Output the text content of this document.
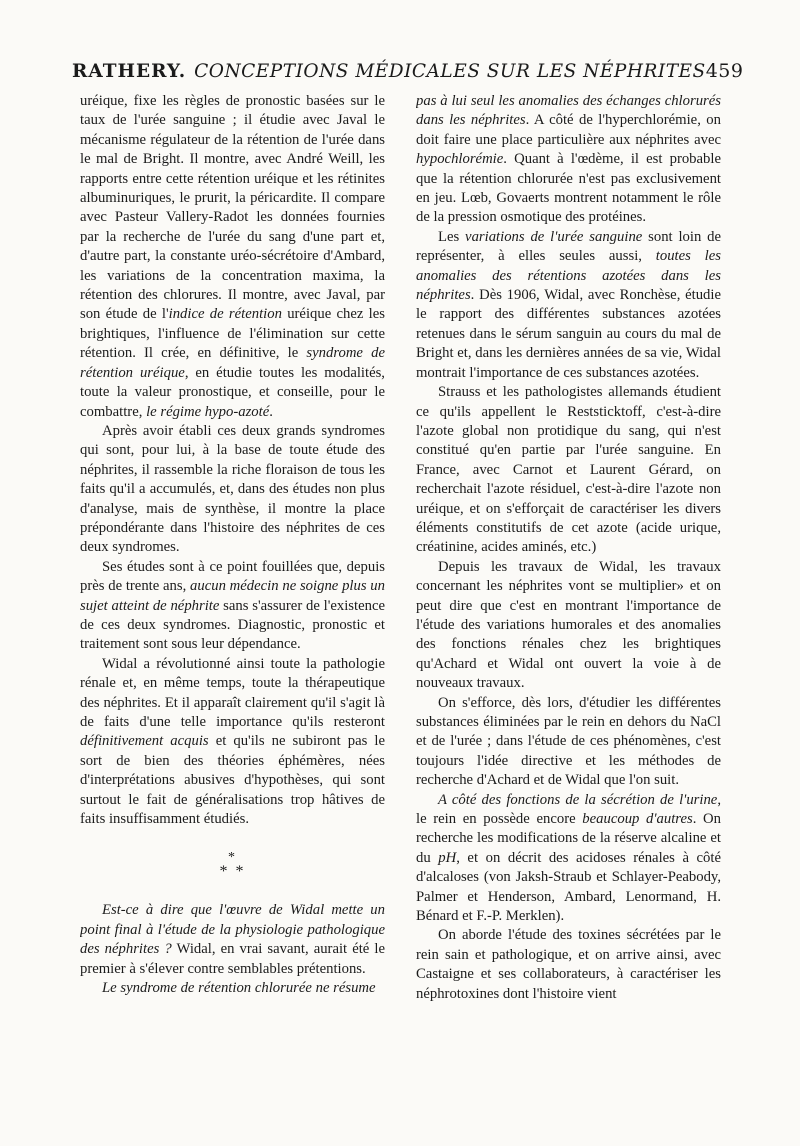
RATHERY. CONCEPTIONS MÉDICALES SUR LES NÉPHRITES 459

uréique, fixe les règles de pronostic basées sur le taux de l'urée sanguine ; il étudie avec Javal le mécanisme régulateur de la rétention de l'urée dans le mal de Bright. Il montre, avec André Weill, les rapports entre cette rétention uréique et les rétinites albuminuriques, le prurit, la péricardite. Il compare avec Pasteur Vallery-Radot les données fournies par la recherche de l'urée du sang d'une part et, d'autre part, la constante uréo-sécrétoire d'Ambard, les variations de la concentration maxima, la rétention des chlorures. Il montre, avec Javal, par son étude de l'indice de rétention uréique chez les brightiques, l'influence de l'élimination sur cette rétention. Il crée, en définitive, le syndrome de rétention uréique, en étudie toutes les modalités, toute la valeur pronostique, et conseille, pour le combattre, le régime hypo-azoté.

Après avoir établi ces deux grands syndromes qui sont, pour lui, à la base de toute étude des néphrites, il rassemble la riche floraison de tous les faits qu'il a accumulés, et, dans des études non plus d'analyse, mais de synthèse, il montre la place prépondérante dans l'histoire des néphrites de ces deux syndromes.

Ses études sont à ce point fouillées que, depuis près de trente ans, aucun médecin ne soigne plus un sujet atteint de néphrite sans s'assurer de l'existence de ces deux syndromes. Diagnostic, pronostic et traitement sont sous leur dépendance.

Widal a révolutionné ainsi toute la pathologie rénale et, en même temps, toute la thérapeutique des néphrites. Et il apparaît clairement qu'il s'agit là de faits d'une telle importance qu'ils resteront définitivement acquis et qu'ils ne subiront pas le sort de bien des théories éphémères, nées d'interprétations abusives d'hypothèses, qui sont surtout le fait de généralisations trop hâtives de faits insuffisamment étudiés.

*
* *

Est-ce à dire que l'œuvre de Widal mette un point final à l'étude de la physiologie pathologique des néphrites ? Widal, en vrai savant, aurait été le premier à s'élever contre semblables prétentions.

Le syndrome de rétention chlorurée ne résume

pas à lui seul les anomalies des échanges chlorurés dans les néphrites. A côté de l'hyperchlorémie, on doit faire une place particulière aux néphrites avec hypochlorémie. Quant à l'œdème, il est probable que la rétention chlorurée n'est pas exclusivement en jeu. Lœb, Govaerts montrent notamment le rôle de la pression osmotique des protéines.

Les variations de l'urée sanguine sont loin de représenter, à elles seules aussi, toutes les anomalies des rétentions azotées dans les néphrites. Dès 1906, Widal, avec Ronchèse, étudie le rapport des différentes substances azotées retenues dans le sérum sanguin au cours du mal de Bright et, dans les dernières années de sa vie, Widal montrait l'importance de ces substances azotées.

Strauss et les pathologistes allemands étudient ce qu'ils appellent le Reststicktoff, c'est-à-dire l'azote global non protidique du sang, qui n'est constitué qu'en partie par l'urée sanguine. En France, avec Carnot et Laurent Gérard, on recherchait l'azote résiduel, c'est-à-dire l'azote non uréique, et on s'efforçait de caractériser les divers éléments constitutifs de cet azote (acide urique, créatinine, acides aminés, etc.)

Depuis les travaux de Widal, les travaux concernant les néphrites vont se multiplier» et on peut dire que c'est en montrant l'importance de l'étude des variations humorales et des anomalies des fonctions rénales chez les brightiques qu'Achard et Widal ont ouvert la voie à de nouveaux travaux.

On s'efforce, dès lors, d'étudier les différentes substances éliminées par le rein en dehors du NaCl et de l'urée ; dans l'étude de ces phénomènes, c'est toujours l'idée directive et les méthodes de recherche d'Achard et de Widal que l'on suit.

A côté des fonctions de la sécrétion de l'urine, le rein en possède encore beaucoup d'autres. On recherche les modifications de la réserve alcaline et du pH, et on décrit des acidoses rénales à côté d'alcaloses (von Jaksh-Straub et Schlayer-Peabody, Palmer et Henderson, Ambard, Lenormand, H. Bénard et F.-P. Merklen).

On aborde l'étude des toxines sécrétées par le rein sain et pathologique, et on arrive ainsi, avec Castaigne et ses collaborateurs, à caractériser les néphrotoxines dont l'histoire vient
